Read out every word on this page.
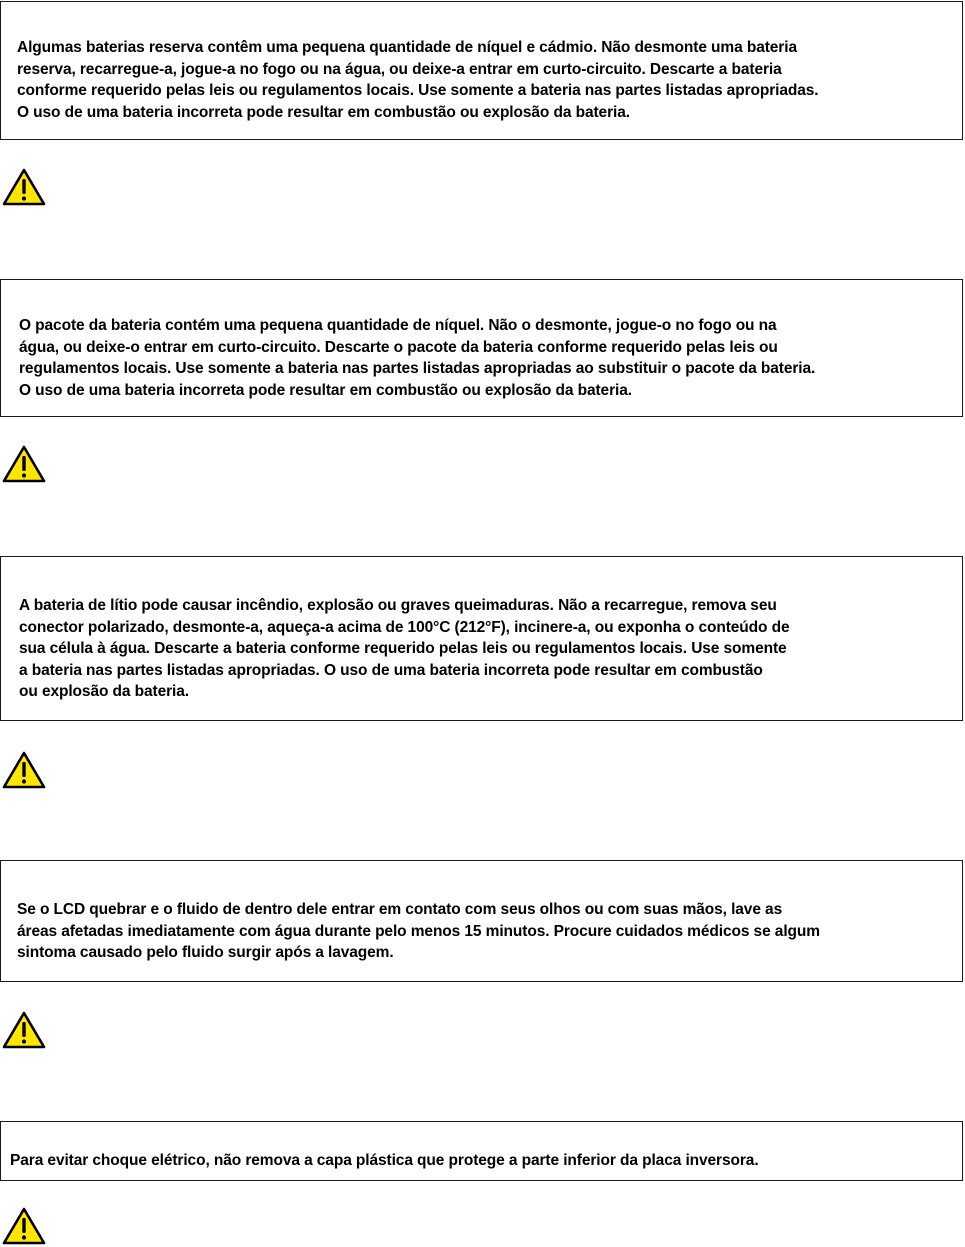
Algumas baterias reserva contêm uma pequena quantidade de níquel e cádmio. Não desmonte uma bateria
reserva, recarregue-a, jogue-a no fogo ou na água, ou deixe-a entrar em curto-circuito. Descarte a bateria
conforme requerido pelas leis ou regulamentos locais. Use somente a bateria nas partes listadas apropriadas.
O uso de uma bateria incorreta pode resultar em combustão ou explosão da bateria.

O pacote da bateria contém uma pequena quantidade de níquel. Não o desmonte, jogue-o no fogo ou na
água, ou deixe-o entrar em curto-circuito. Descarte o pacote da bateria conforme requerido pelas leis ou
regulamentos locais. Use somente a bateria nas partes listadas apropriadas ao substituir o pacote da bateria.
O uso de uma bateria incorreta pode resultar em combustão ou explosão da bateria.

A bateria de lítio pode causar incêndio, explosão ou graves queimaduras. Não a recarregue, remova seu
conector polarizado, desmonte-a, aqueça-a acima de 100°C (212°F), incinere-a, ou exponha o conteúdo de
sua célula à água. Descarte a bateria conforme requerido pelas leis ou regulamentos locais. Use somente
a bateria nas partes listadas apropriadas. O uso de uma bateria incorreta pode resultar em combustão
ou explosão da bateria.

Se o LCD quebrar e o fluido de dentro dele entrar em contato com seus olhos ou com suas mãos, lave as
áreas afetadas imediatamente com água durante pelo menos 15 minutos. Procure cuidados médicos se algum
sintoma causado pelo fluido surgir após a lavagem.

Para evitar choque elétrico, não remova a capa plástica que protege a parte inferior da placa inversora.
